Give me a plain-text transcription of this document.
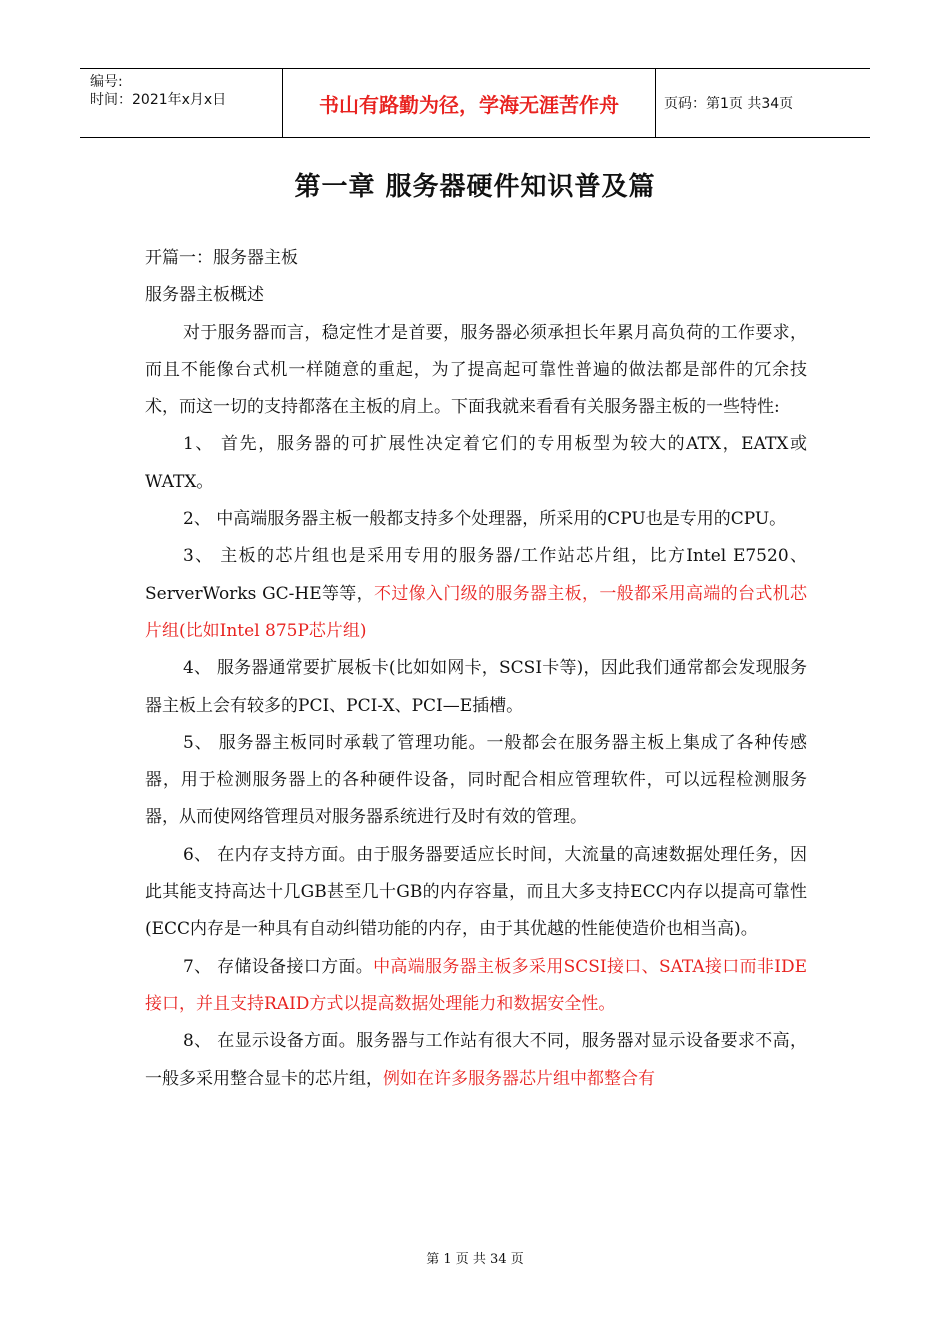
编号:
时间：2021年x月x日	书山有路勤为径，学海无涯苦作舟	页码：第1页 共34页
第一章 服务器硬件知识普及篇

开篇一：服务器主板

服务器主板概述

对于服务器而言，稳定性才是首要，服务器必须承担长年累月高负荷的工作要求，而且不能像台式机一样随意的重起，为了提高起可靠性普遍的做法都是部件的冗余技术，而这一切的支持都落在主板的肩上。下面我就来看看有关服务器主板的一些特性:

1、 首先，服务器的可扩展性决定着它们的专用板型为较大的ATX，EATX或WATX。

2、 中高端服务器主板一般都支持多个处理器，所采用的CPU也是专用的CPU。

3、 主板的芯片组也是采用专用的服务器/工作站芯片组，比方Intel E7520、ServerWorks GC-HE等等，不过像入门级的服务器主板，一般都采用高端的台式机芯片组(比如Intel 875P芯片组)

4、 服务器通常要扩展板卡(比如如网卡，SCSI卡等)，因此我们通常都会发现服务器主板上会有较多的PCI、PCI-X、PCI—E插槽。

5、 服务器主板同时承载了管理功能。一般都会在服务器主板上集成了各种传感器，用于检测服务器上的各种硬件设备，同时配合相应管理软件，可以远程检测服务器，从而使网络管理员对服务器系统进行及时有效的管理。

6、 在内存支持方面。由于服务器要适应长时间，大流量的高速数据处理任务，因此其能支持高达十几GB甚至几十GB的内存容量，而且大多支持ECC内存以提高可靠性(ECC内存是一种具有自动纠错功能的内存，由于其优越的性能使造价也相当高)。

7、 存储设备接口方面。中高端服务器主板多采用SCSI接口、SATA接口而非IDE接口，并且支持RAID方式以提高数据处理能力和数据安全性。

8、 在显示设备方面。服务器与工作站有很大不同，服务器对显示设备要求不高，一般多采用整合显卡的芯片组，例如在许多服务器芯片组中都整合有

第 1 页 共 34 页
